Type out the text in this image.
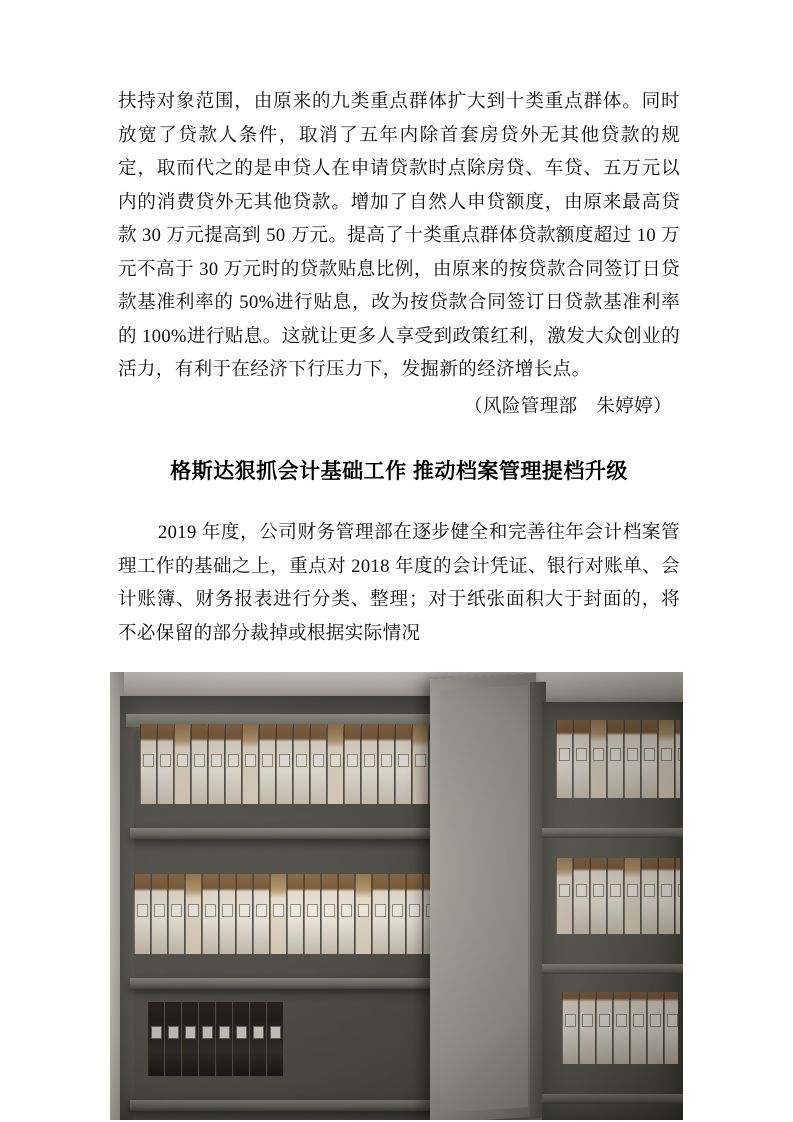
扶持对象范围，由原来的九类重点群体扩大到十类重点群体。同时放宽了贷款人条件，取消了五年内除首套房贷外无其他贷款的规定，取而代之的是申贷人在申请贷款时点除房贷、车贷、五万元以内的消费贷外无其他贷款。增加了自然人申贷额度，由原来最高贷款 30 万元提高到 50 万元。提高了十类重点群体贷款额度超过 10 万元不高于 30 万元时的贷款贴息比例，由原来的按贷款合同签订日贷款基准利率的 50%进行贴息，改为按贷款合同签订日贷款基准利率的 100%进行贴息。这就让更多人享受到政策红利，激发大众创业的活力，有利于在经济下行压力下，发掘新的经济增长点。

（风险管理部　朱婷婷）

格斯达狠抓会计基础工作 推动档案管理提档升级

2019 年度，公司财务管理部在逐步健全和完善往年会计档案管理工作的基础之上，重点对 2018 年度的会计凭证、银行对账单、会计账簿、财务报表进行分类、整理；对于纸张面积大于封面的，将不必保留的部分裁掉或根据实际情况
